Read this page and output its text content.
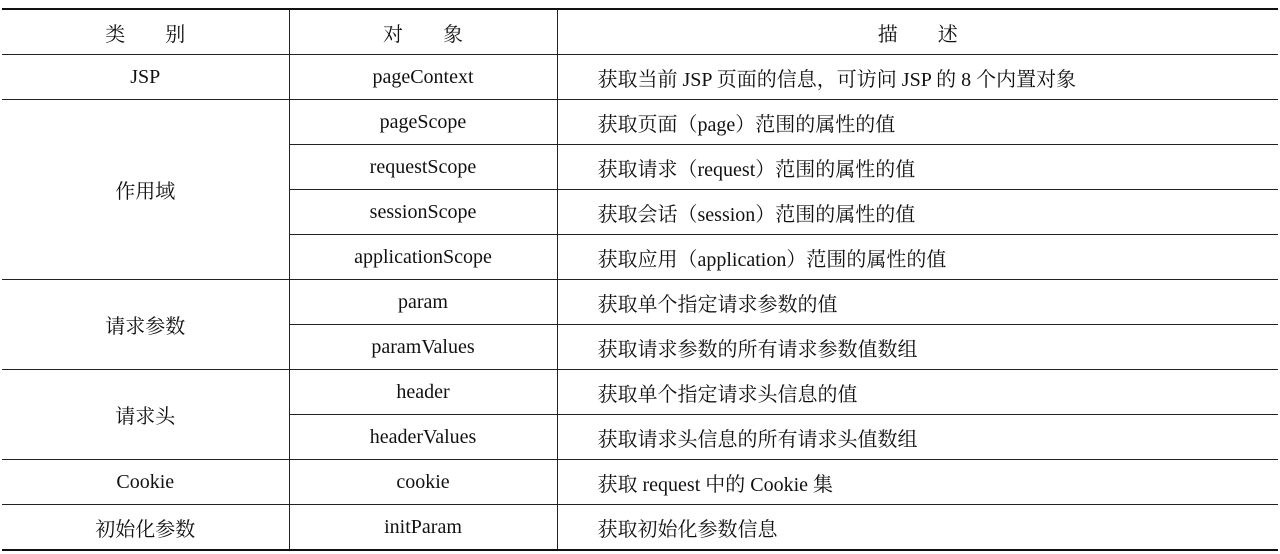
类　　别	对　　象	描　　述
JSP	pageContext	获取当前 JSP 页面的信息，可访问 JSP 的 8 个内置对象
作用域	pageScope	获取页面（page）范围的属性的值
	requestScope	获取请求（request）范围的属性的值
	sessionScope	获取会话（session）范围的属性的值
	applicationScope	获取应用（application）范围的属性的值
请求参数	param	获取单个指定请求参数的值
	paramValues	获取请求参数的所有请求参数值数组
请求头	header	获取单个指定请求头信息的值
	headerValues	获取请求头信息的所有请求头值数组
Cookie	cookie	获取 request 中的 Cookie 集
初始化参数	initParam	获取初始化参数信息
